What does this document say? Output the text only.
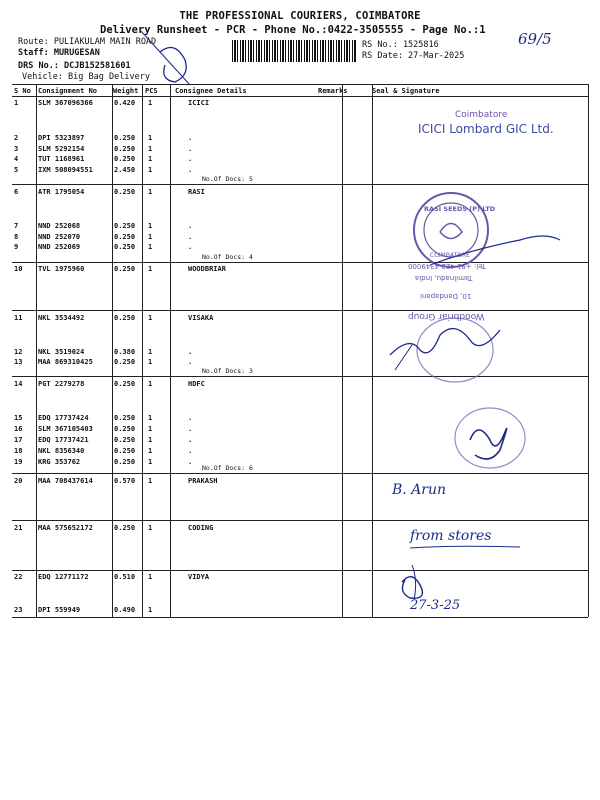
THE PROFESSIONAL COURIERS, COIMBATORE
Delivery Runsheet - PCR - Phone No.:0422-3505555 - Page No.:1
Route: PULIAKULAM MAIN ROAD
Staff: MURUGESAN
DRS No.: DCJB152581601
Vehicle: Big Bag Delivery
RS No.: 1525816
RS Date: 27-Mar-2025
S No Consignment No Weight PCS Consignee Details	Remarks	Seal & Signature
No.Of Docs: 5
No.Of Docs: 4
No.Of Docs: 3
No.Of Docs: 6
69/5
Coimbatore
ICICI Lombard GIC Ltd.
RASI SEEDS (P) LTD
COIMBATORE
Tel: +91 422 4349000
Tamilnadu, India
10, Dandapani
Woodbriar Group
B. Arun
from stores
27-3-25
1	SLM 367096366	0.420 1	ICICI
2	DPI 5323897	0.250 1	.
3	SLM 5292154	0.250 1	.
4	TUT 1168961	0.250 1	.
5	IXM 508094551	2.450 1	.
6	ATR 1795054	0.250 1	RASI
7	NND 252068	0.250 1	.
8	NND 252070	0.250 1	.
9	NND 252069	0.250 1	.
10 TVL 1975960	0.250 1	WOODBRIAR
11 NKL 3534492	0.250 1	VISAKA
12 NKL 3519024	0.380 1	.
13 MAA 869310425	0.250 1	.
14 PGT 2279278	0.250 1	HDFC
15 EDQ 17737424	0.250 1	.
16 SLM 367105403	0.250 1	.
17 EDQ 17737421	0.250 1	.
18 NKL 8356340	0.250 1	.
19 KRG 353762	0.250 1	.
20 MAA 708437614	0.570 1	PRAKASH
21 MAA 575652172	0.250 1	CODING
22 EDQ 12771172	0.510 1	VIDYA
23 DPI 559949	0.490 1
